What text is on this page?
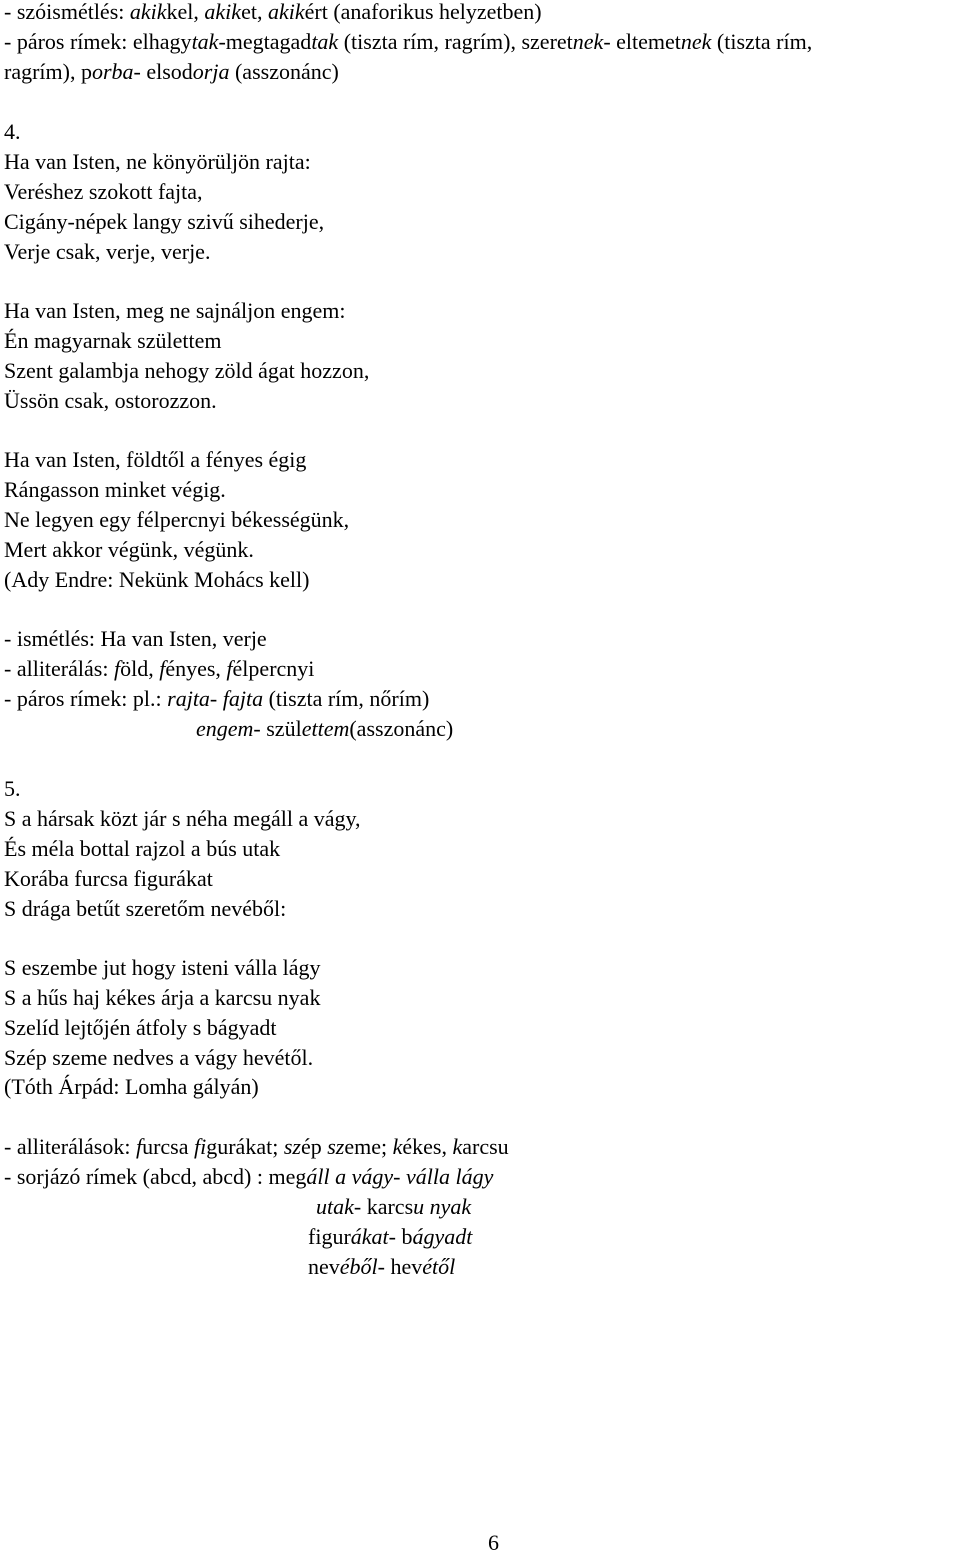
- szóismétlés: akikkel, akiket, akikért (anaforikus helyzetben)
- páros rímek: elhagytak-megtagadtak (tiszta rím, ragrím), szeretnek- eltemetnek (tiszta rím,
ragrím), porba- elsodorja (asszonánc)
4.
Ha van Isten, ne könyörüljön rajta:
Veréshez szokott fajta,
Cigány-népek langy szivű sihederje,
Verje csak, verje, verje.
Ha van Isten, meg ne sajnáljon engem:
Én magyarnak születtem
Szent galambja nehogy zöld ágat hozzon,
Üssön csak, ostorozzon.
Ha van Isten, földtől a fényes égig
Rángasson minket végig.
Ne legyen egy félpercnyi békességünk,
Mert akkor végünk, végünk.
(Ady Endre: Nekünk Mohács kell)
- ismétlés: Ha van Isten, verje
- alliterálás: föld, fényes, félpercnyi
- páros rímek: pl.: rajta- fajta (tiszta rím, nőrím)
engem- születtem(asszonánc)
5.
S a hársak közt jár s néha megáll a vágy,
És méla bottal rajzol a bús utak
Korába furcsa figurákat
S drága betűt szeretőm nevéből:
S eszembe jut hogy isteni válla lágy
S a hűs haj kékes árja a karcsu nyak
Szelíd lejtőjén átfoly s bágyadt
Szép szeme nedves a vágy hevétől.
(Tóth Árpád: Lomha gályán)
- alliterálások: furcsa figurákat; szép szeme; kékes, karcsu
- sorjázó rímek (abcd, abcd) : megáll a vágy- válla lágy
utak- karcsu nyak
figurákat- bágyadt
nevéből- hevétől
6
